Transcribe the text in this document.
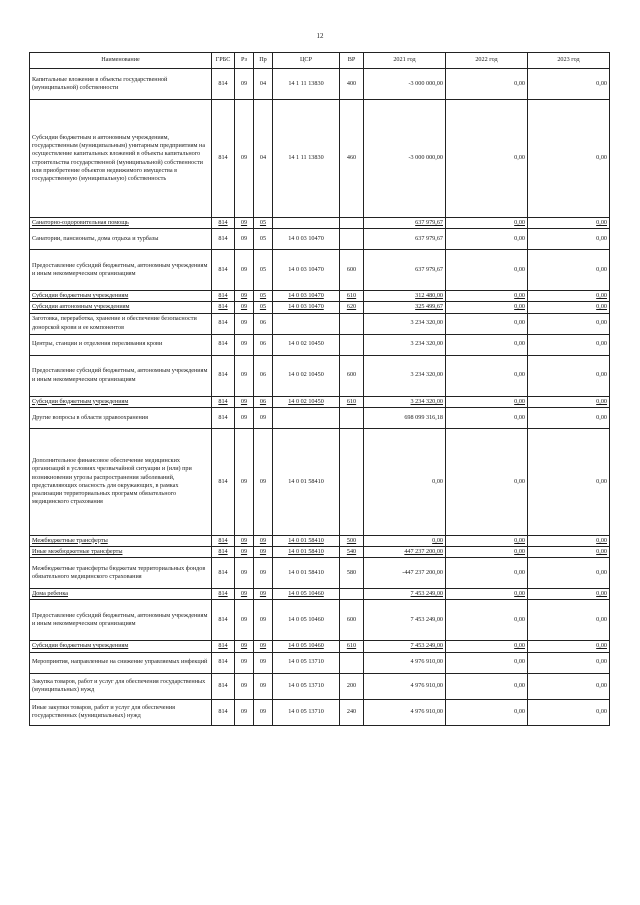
12
Наименование	ГРБС	Рз	Пр	ЦСР	ВР	2021 год	2022 год	2023 год
Капитальные вложения в объекты государственной (муниципальной) собственности	814	09	04	14 1 11 13830	400	-3 000 000,00	0,00	0,00
Субсидии бюджетным и автономным учреждениям, государственным (муниципальным) унитарным предприятиям на осуществление капитальных вложений в объекты капитального строительства государственной (муниципальной) собственности или приобретение объектов недвижимого имущества в государственную (муниципальную) собственность	814	09	04	14 1 11 13830	460	-3 000 000,00	0,00	0,00
Санаторно-оздоровительная помощь	814	09	05			637 979,67	0,00	0,00
Санатории, пансионаты, дома отдыха и турбазы	814	09	05	14 0 03 10470		637 979,67	0,00	0,00
Предоставление субсидий бюджетным, автономным учреждениям и иным некоммерческим организациям	814	09	05	14 0 03 10470	600	637 979,67	0,00	0,00
Субсидии бюджетным учреждениям	814	09	05	14 0 03 10470	610	312 480,00	0,00	0,00
Субсидии автономным учреждениям	814	09	05	14 0 03 10470	620	325 499,67	0,00	0,00
Заготовка, переработка, хранение и обеспечение безопасности донорской крови и ее компонентов	814	09	06			3 234 320,00	0,00	0,00
Центры, станции и отделения переливания крови	814	09	06	14 0 02 10450		3 234 320,00	0,00	0,00
Предоставление субсидий бюджетным, автономным учреждениям и иным некоммерческим организациям	814	09	06	14 0 02 10450	600	3 234 320,00	0,00	0,00
Субсидии бюджетным учреждениям	814	09	06	14 0 02 10450	610	3 234 320,00	0,00	0,00
Другие вопросы в области здравоохранения	814	09	09			698 099 316,18	0,00	0,00
Дополнительное финансовое обеспечение медицинских организаций в условиях чрезвычайной ситуации и (или) при возникновении угрозы распространения заболеваний, представляющих опасность для окружающих, в рамках реализации территориальных программ обязательного медицинского страхования	814	09	09	14 0 01 58410		0,00	0,00	0,00
Межбюджетные трансферты	814	09	09	14 0 01 58410	500	0,00	0,00	0,00
Иные межбюджетные трансферты	814	09	09	14 0 01 58410	540	447 237 200,00	0,00	0,00
Межбюджетные трансферты бюджетам территориальных фондов обязательного медицинского страхования	814	09	09	14 0 01 58410	580	-447 237 200,00	0,00	0,00
Дома ребенка	814	09	09	14 0 05 10460		7 453 249,00	0,00	0,00
Предоставление субсидий бюджетным, автономным учреждениям и иным некоммерческим организациям	814	09	09	14 0 05 10460	600	7 453 249,00	0,00	0,00
Субсидии бюджетным учреждениям	814	09	09	14 0 05 10460	610	7 453 249,00	0,00	0,00
Мероприятия, направленные на снижение управляемых инфекций	814	09	09	14 0 05 13710		4 976 910,00	0,00	0,00
Закупка товаров, работ и услуг для обеспечения государственных (муниципальных) нужд	814	09	09	14 0 05 13710	200	4 976 910,00	0,00	0,00
Иные закупки товаров, работ и услуг для обеспечения государственных (муниципальных) нужд	814	09	09	14 0 05 13710	240	4 976 910,00	0,00	0,00
